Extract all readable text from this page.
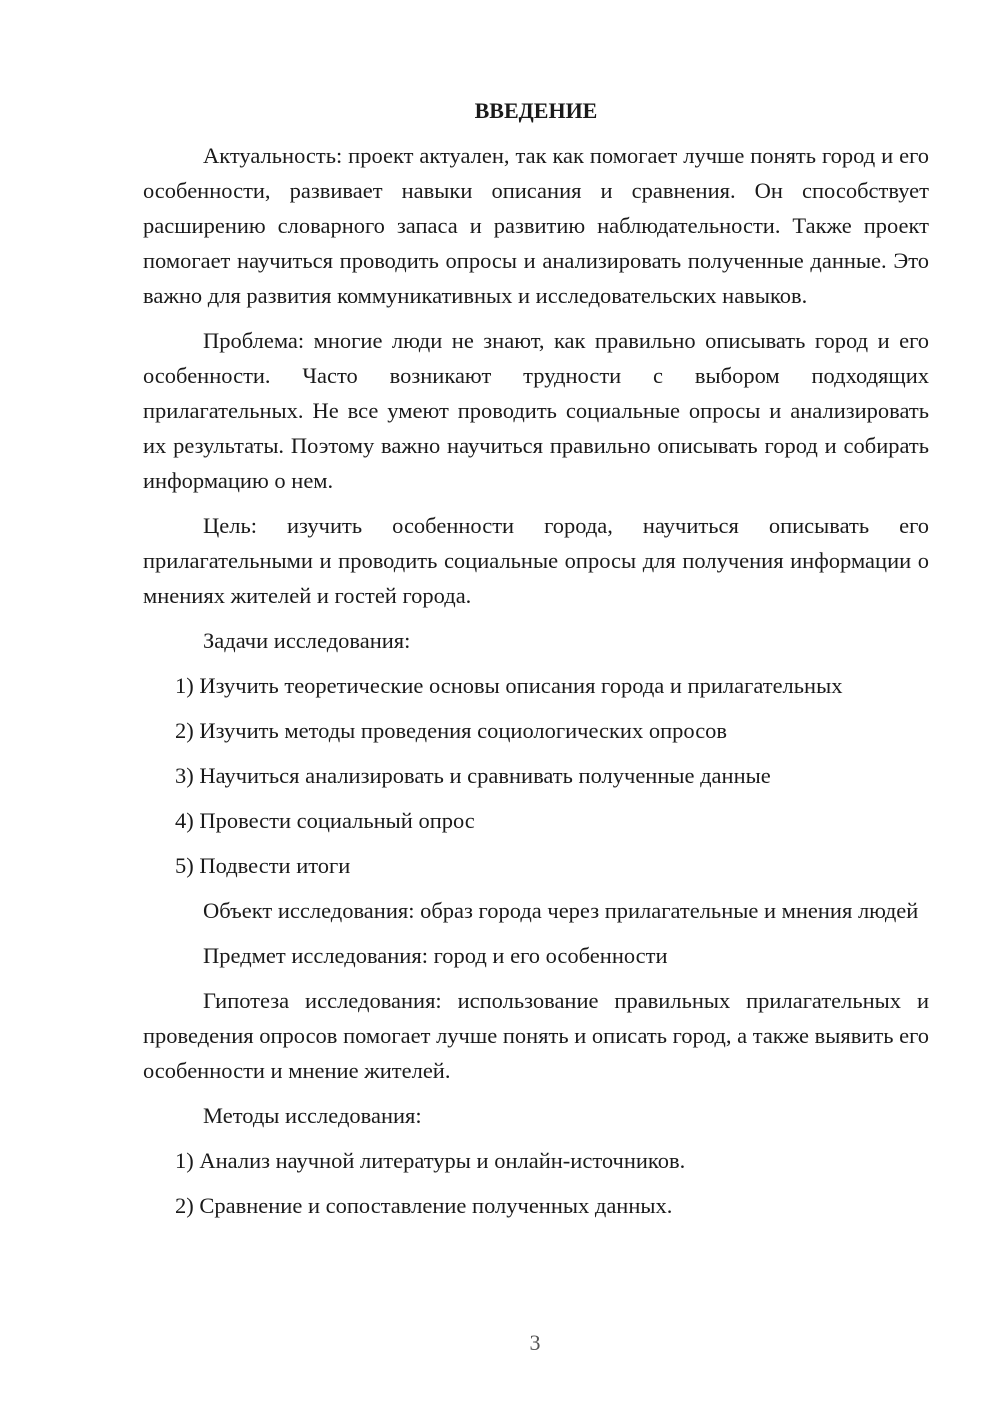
ВВЕДЕНИЕ
Актуальность: проект актуален, так как помогает лучше понять город и его особенности, развивает навыки описания и сравнения. Он способствует расширению словарного запаса и развитию наблюдательности. Также проект помогает научиться проводить опросы и анализировать полученные данные. Это важно для развития коммуникативных и исследовательских навыков.
Проблема: многие люди не знают, как правильно описывать город и его особенности. Часто возникают трудности с выбором подходящих прилагательных. Не все умеют проводить социальные опросы и анализировать их результаты. Поэтому важно научиться правильно описывать город и собирать информацию о нем.
Цель: изучить особенности города, научиться описывать его прилагательными и проводить социальные опросы для получения информации о мнениях жителей и гостей города.
Задачи исследования:
1) Изучить теоретические основы описания города и прилагательных
2) Изучить методы проведения социологических опросов
3) Научиться анализировать и сравнивать полученные данные
4) Провести социальный опрос
5) Подвести итоги
Объект исследования: образ города через прилагательные и мнения людей
Предмет исследования: город и его особенности
Гипотеза исследования: использование правильных прилагательных и проведения опросов помогает лучше понять и описать город, а также выявить его особенности и мнение жителей.
Методы исследования:
1) Анализ научной литературы и онлайн-источников.
2) Сравнение и сопоставление полученных данных.
3
